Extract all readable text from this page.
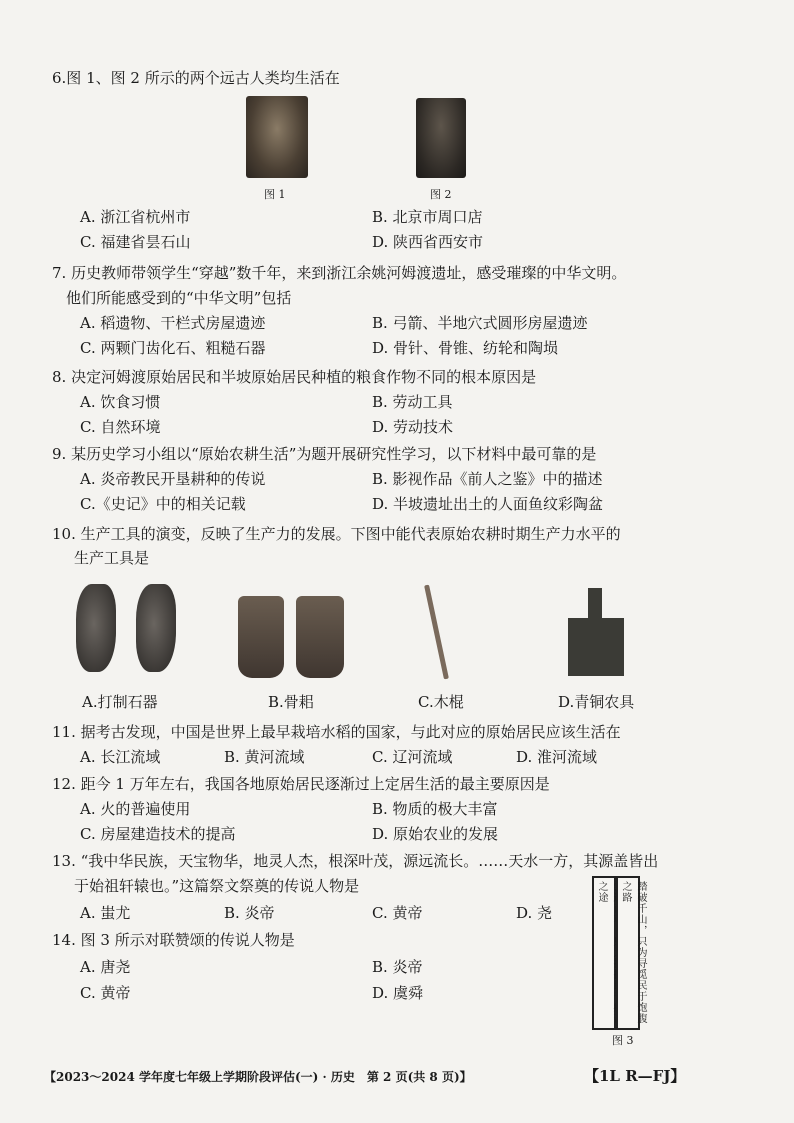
6.图 1、图 2 所示的两个远古人类均生活在
图 1	图 2
A. 浙江省杭州市	B. 北京市周口店
C. 福建省昙石山	D. 陕西省西安市
7. 历史教师带领学生“穿越”数千年，来到浙江余姚河姆渡遗址，感受璀璨的中华文明。
他们所能感受到的“中华文明”包括
A. 稻遗物、干栏式房屋遗迹	B. 弓箭、半地穴式圆形房屋遗迹
C. 两颗门齿化石、粗糙石器	D. 骨针、骨锥、纺轮和陶埙
8. 决定河姆渡原始居民和半坡原始居民种植的粮食作物不同的根本原因是
A. 饮食习惯	B. 劳动工具
C. 自然环境	D. 劳动技术
9. 某历史学习小组以“原始农耕生活”为题开展研究性学习，以下材料中最可靠的是
A. 炎帝教民开垦耕种的传说	B. 影视作品《前人之鉴》中的描述
C.《史记》中的相关记载	D. 半坡遗址出土的人面鱼纹彩陶盆
10. 生产工具的演变，反映了生产力的发展。下图中能代表原始农耕时期生产力水平的
生产工具是
A.打制石器	B.骨耜	C.木棍	D.青铜农具
11. 据考古发现，中国是世界上最早栽培水稻的国家，与此对应的原始居民应该生活在
A. 长江流域	B. 黄河流域	C. 辽河流域	D. 淮河流域
12. 距今 1 万年左右，我国各地原始居民逐渐过上定居生活的最主要原因是
A. 火的普遍使用	B. 物质的极大丰富
C. 房屋建造技术的提高	D. 原始农业的发展
13. “我中华民族，天宝物华，地灵人杰，根深叶茂，源远流长。……天水一方，其源盖皆出
于始祖轩辕也。”这篇祭文祭奠的传说人物是
A. 蚩尤	B. 炎帝	C. 黄帝	D. 尧
14. 图 3 所示对联赞颂的传说人物是
A. 唐尧	B. 炎帝
C. 黄帝	D. 虞舜
之途	踏破千山，只为寻觅民于饱腹之路
图 3
【2023～2024 学年度七年级上学期阶段评估(一) · 历史　第 2 页(共 8 页)】	【1L R—FJ】
